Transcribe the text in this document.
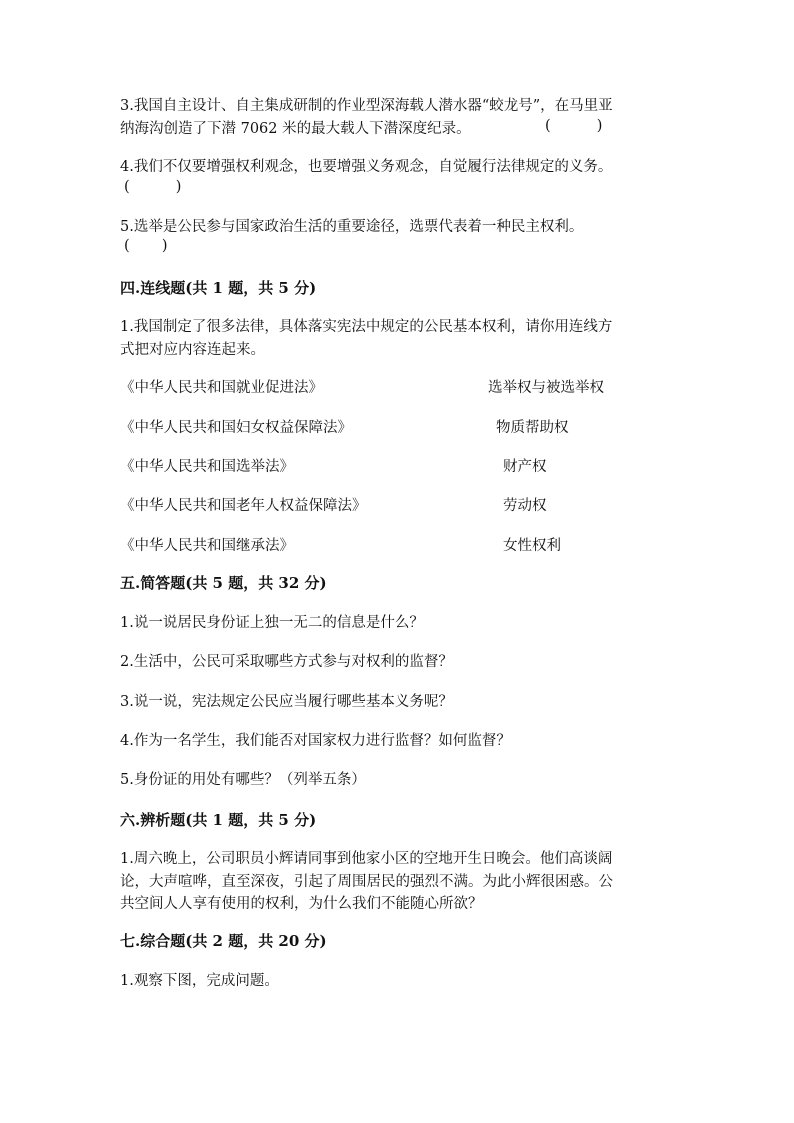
3.我国自主设计、自主集成研制的作业型深海载人潜水器“蛟龙号”，在马里亚
纳海沟创造了下潜 7062 米的最大载人下潜深度纪录。	(          )
4.我们不仅要增强权利观念，也要增强义务观念，自觉履行法律规定的义务。
(          )
5.选举是公民参与国家政治生活的重要途径，选票代表着一种民主权利。
(       )
四.连线题(共 1 题，共 5 分)
1.我国制定了很多法律，具体落实宪法中规定的公民基本权利，请你用连线方
式把对应内容连起来。
《中华人民共和国就业促进法》	选举权与被选举权
《中华人民共和国妇女权益保障法》	物质帮助权
《中华人民共和国选举法》	财产权
《中华人民共和国老年人权益保障法》	劳动权
《中华人民共和国继承法》	女性权利
五.简答题(共 5 题，共 32 分)
1.说一说居民身份证上独一无二的信息是什么？
2.生活中，公民可采取哪些方式参与对权利的监督？
3.说一说，宪法规定公民应当履行哪些基本义务呢？
4.作为一名学生，我们能否对国家权力进行监督？如何监督？
5.身份证的用处有哪些？（列举五条）
六.辨析题(共 1 题，共 5 分)
1.周六晚上，公司职员小辉请同事到他家小区的空地开生日晚会。他们高谈阔
论，大声喧哗，直至深夜，引起了周围居民的强烈不满。为此小辉很困惑。公
共空间人人享有使用的权利，为什么我们不能随心所欲？
七.综合题(共 2 题，共 20 分)
1.观察下图，完成问题。
